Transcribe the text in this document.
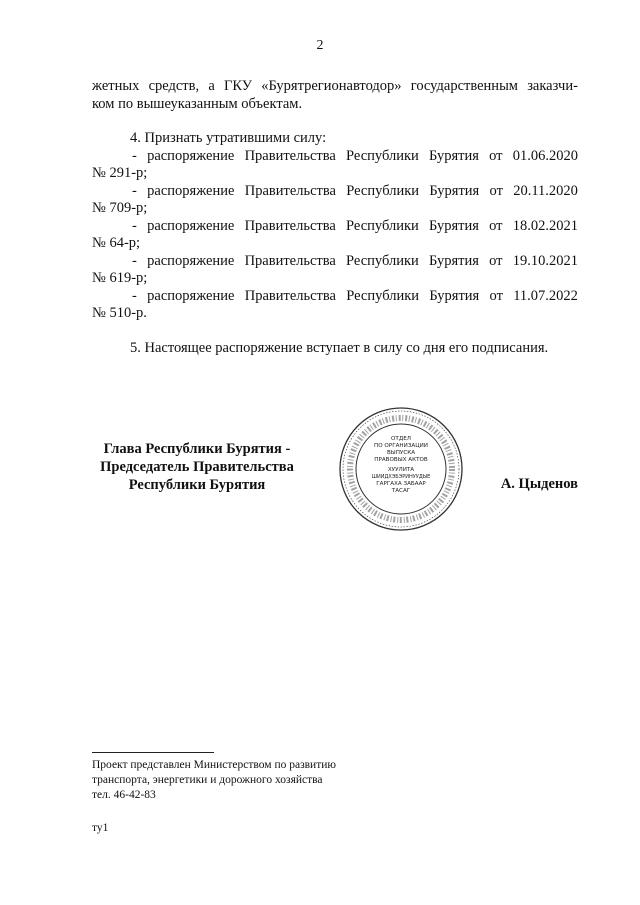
2

жетных средств, а ГКУ «Бурятрегионавтодор» государственным заказчи-

ком по вышеуказанным объектам.

4. Признать утратившими силу:

- распоряжение Правительства Республики Бурятия от 01.06.2020

№ 291-р;

- распоряжение Правительства Республики Бурятия от 20.11.2020

№ 709-р;

- распоряжение Правительства Республики Бурятия от 18.02.2021

№ 64-р;

- распоряжение Правительства Республики Бурятия от 19.10.2021

№ 619-р;

- распоряжение Правительства Республики Бурятия от 11.07.2022

№ 510-р.

5. Настоящее распоряжение вступает в силу со дня его подписания.

Глава Республики Бурятия -
Председатель Правительства
Республики Бурятия
ОТДЕЛ
ПО ОРГАНИЗАЦИИ
ВЫПУСКА
ПРАВОВЫХ АКТОВ
ХУУЛИТА
ШИИДХЭБЭРИНУУДЫЕ
ГАРГАХА ЗАБААР
ТАСАГ	А. Цыденов
Проект представлен Министерством по развитию
транспорта, энергетики и дорожного хозяйства
тел. 46-42-83
ту1
